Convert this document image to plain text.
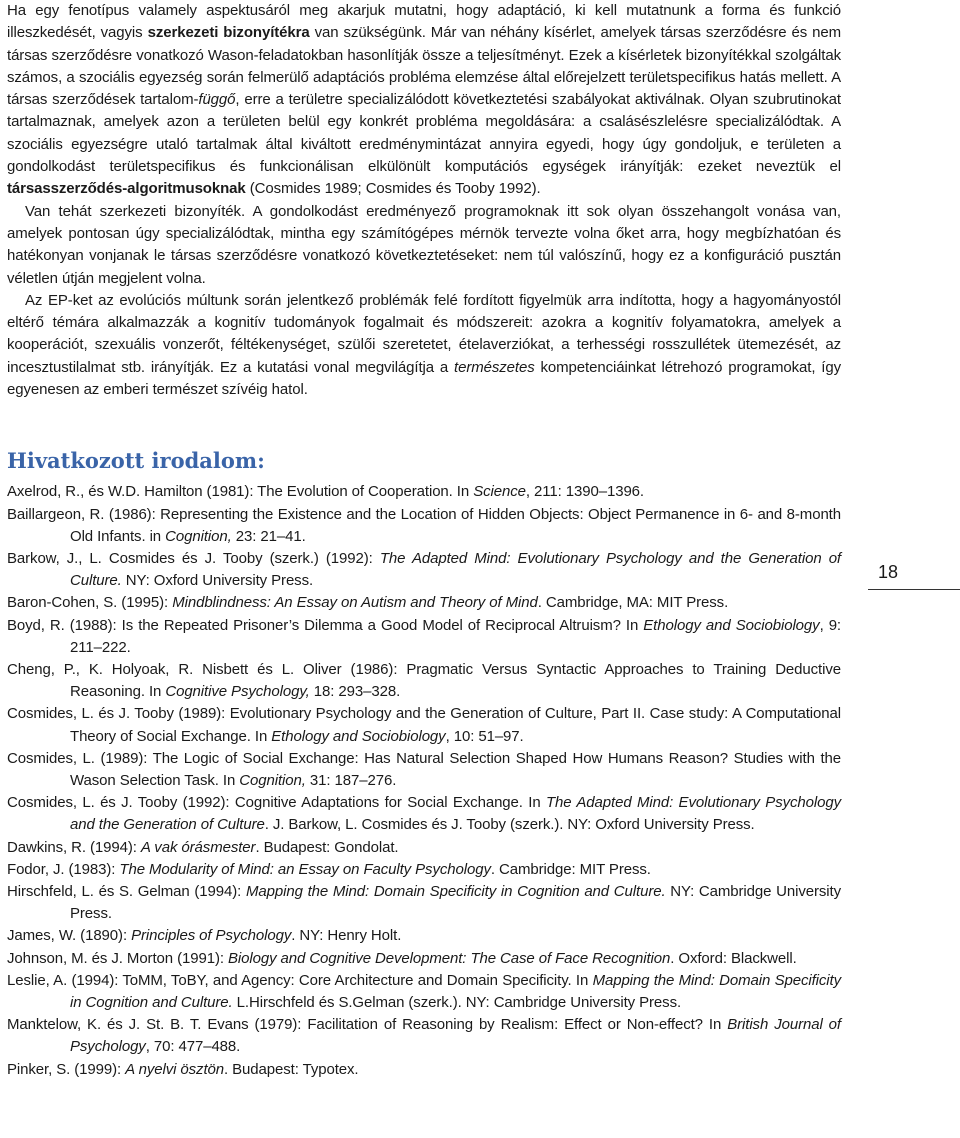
Ha egy fenotípus valamely aspektusáról meg akarjuk mutatni, hogy adaptáció, ki kell mutatnunk a forma és funkció illeszkedését, vagyis szerkezeti bizonyítékra van szükségünk. Már van néhány kísérlet, amelyek társas szerződésre és nem társas szerződésre vonatkozó Wason-feladatokban hasonlítják össze a teljesítményt. Ezek a kísérletek bizonyítékkal szolgáltak számos, a szociális egyezség során felmerülő adaptációs probléma elemzése által előrejelzett területspecifikus hatás mellett. A társas szerződések tartalom-függő, erre a területre specializálódott következtetési szabályokat aktiválnak. Olyan szubrutinokat tartalmaznak, amelyek azon a területen belül egy konkrét probléma megoldására: a csalásészlelésre specializálódtak. A szociális egyezségre utaló tartalmak által kiváltott eredménymintázat annyira egyedi, hogy úgy gondoljuk, e területen a gondolkodást területspecifikus és funkcionálisan elkülönült komputációs egységek irányítják: ezeket neveztük el társasszerződés-algoritmusoknak (Cosmides 1989; Cosmides és Tooby 1992).

Van tehát szerkezeti bizonyíték. A gondolkodást eredményező programoknak itt sok olyan összehangolt vonása van, amelyek pontosan úgy specializálódtak, mintha egy számítógépes mérnök tervezte volna őket arra, hogy megbízhatóan és hatékonyan vonjanak le társas szerződésre vonatkozó következtetéseket: nem túl valószínű, hogy ez a konfiguráció pusztán véletlen útján megjelent volna.

Az EP-ket az evolúciós múltunk során jelentkező problémák felé fordított figyelmük arra indította, hogy a hagyományostól eltérő témára alkalmazzák a kognitív tudományok fogalmait és módszereit: azokra a kognitív folyamatokra, amelyek a kooperációt, szexuális vonzerőt, féltékenységet, szülői szeretetet, ételaverziókat, a terhességi rosszullétek ütemezését, az incesztustilalmat stb. irányítják. Ez a kutatási vonal megvilágítja a természetes kompetenciáinkat létrehozó programokat, így egyenesen az emberi természet szívéig hatol.

Hivatkozott irodalom:
Axelrod, R., és W.D. Hamilton (1981): The Evolution of Cooperation. In Science, 211: 1390–1396.
Baillargeon, R. (1986): Representing the Existence and the Location of Hidden Objects: Object Permanence in 6- and 8-month Old Infants. in Cognition, 23: 21–41.
Barkow, J., L. Cosmides és J. Tooby (szerk.) (1992): The Adapted Mind: Evolutionary Psychology and the Generation of Culture. NY: Oxford University Press.
Baron-Cohen, S. (1995): Mindblindness: An Essay on Autism and Theory of Mind. Cambridge, MA: MIT Press.
Boyd, R. (1988): Is the Repeated Prisoner’s Dilemma a Good Model of Reciprocal Altruism? In Ethology and Sociobiology, 9: 211–222.
Cheng, P., K. Holyoak, R. Nisbett és L. Oliver (1986): Pragmatic Versus Syntactic Approaches to Training Deductive Reasoning. In Cognitive Psychology, 18: 293–328.
Cosmides, L. és J. Tooby (1989): Evolutionary Psychology and the Generation of Culture, Part II. Case study: A Computational Theory of Social Exchange. In Ethology and Sociobiology, 10: 51–97.
Cosmides, L. (1989): The Logic of Social Exchange: Has Natural Selection Shaped How Humans Reason? Studies with the Wason Selection Task. In Cognition, 31: 187–276.
Cosmides, L. és J. Tooby (1992): Cognitive Adaptations for Social Exchange. In The Adapted Mind: Evolutionary Psychology and the Generation of Culture. J. Barkow, L. Cosmides és J. Tooby (szerk.). NY: Oxford University Press.
Dawkins, R. (1994): A vak órásmester. Budapest: Gondolat.
Fodor, J. (1983): The Modularity of Mind: an Essay on Faculty Psychology. Cambridge: MIT Press.
Hirschfeld, L. és S. Gelman (1994): Mapping the Mind: Domain Specificity in Cognition and Culture. NY: Cambridge University Press.
James, W. (1890): Principles of Psychology. NY: Henry Holt.
Johnson, M. és J. Morton (1991): Biology and Cognitive Development: The Case of Face Recognition. Oxford: Blackwell.
Leslie, A. (1994): ToMM, ToBY, and Agency: Core Architecture and Domain Specificity. In Mapping the Mind: Domain Specificity in Cognition and Culture. L.Hirschfeld és S.Gelman (szerk.). NY: Cambridge University Press.
Manktelow, K. és J. St. B. T. Evans (1979): Facilitation of Reasoning by Realism: Effect or Non-effect? In British Journal of Psychology, 70: 477–488.
Pinker, S. (1999): A nyelvi ösztön. Budapest: Typotex.
18
